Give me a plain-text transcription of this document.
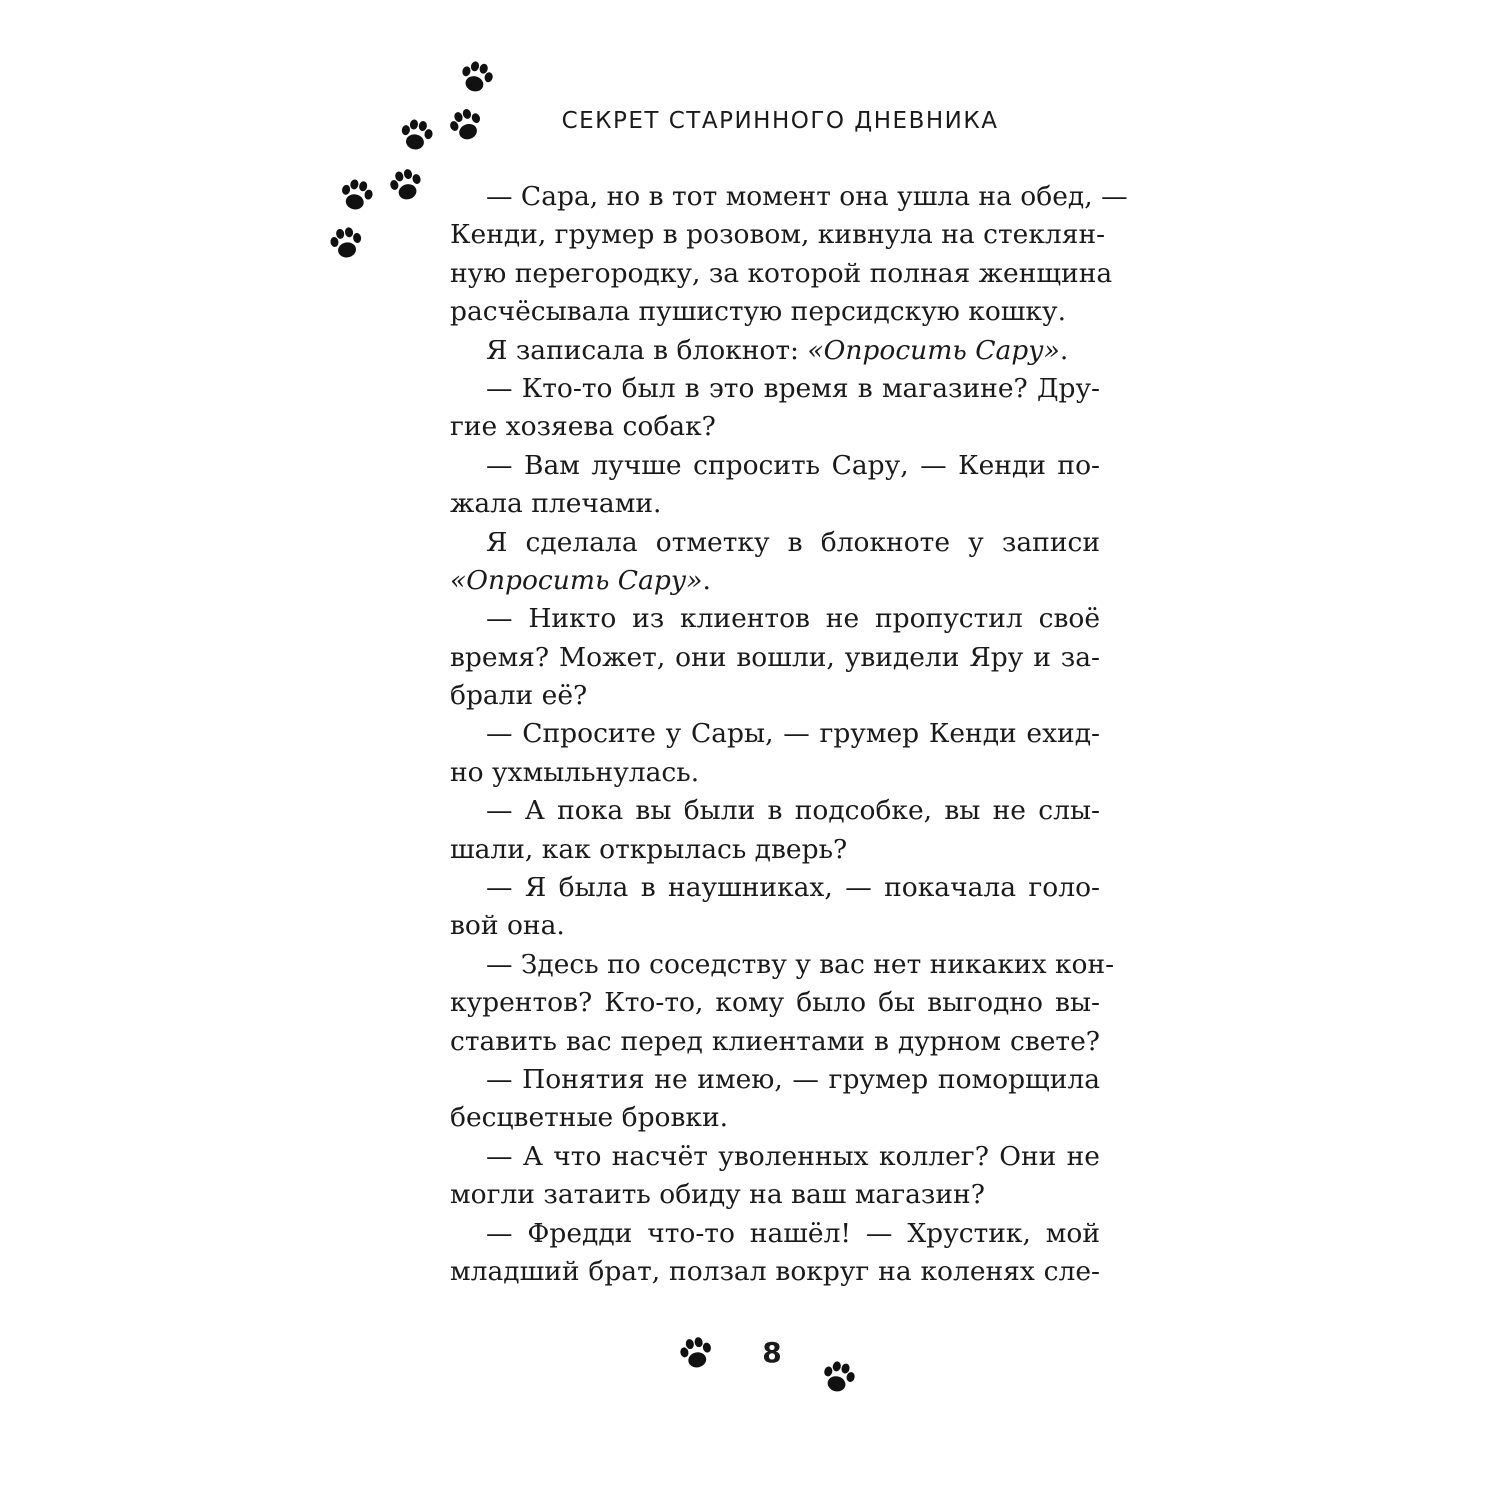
СЕКРЕТ СТАРИННОГО ДНЕВНИКА
— Сара, но в тот момент она ушла на обед, —
Кенди, грумер в розовом, кивнула на стеклян-
ную перегородку, за которой полная женщина
расчёсывала пушистую персидскую кошку.
Я записала в блокнот: «Опросить Сару».
— Кто-то был в это время в магазине? Дру-
гие хозяева собак?
— Вам лучше спросить Сару, — Кенди по-
жала плечами.
Я сделала отметку в блокноте у записи
«Опросить Сару».
— Никто из клиентов не пропустил своё
время? Может, они вошли, увидели Яру и за-
брали её?
— Спросите у Сары, — грумер Кенди ехид-
но ухмыльнулась.
— А пока вы были в подсобке, вы не слы-
шали, как открылась дверь?
— Я была в наушниках, — покачала голо-
вой она.
— Здесь по соседству у вас нет никаких кон-
курентов? Кто-то, кому было бы выгодно вы-
ставить вас перед клиентами в дурном свете?
— Понятия не имею, — грумер поморщила
бесцветные бровки.
— А что насчёт уволенных коллег? Они не
могли затаить обиду на ваш магазин?
— Фредди что-то нашёл! — Хрустик, мой
младший брат, ползал вокруг на коленях сле-
8
